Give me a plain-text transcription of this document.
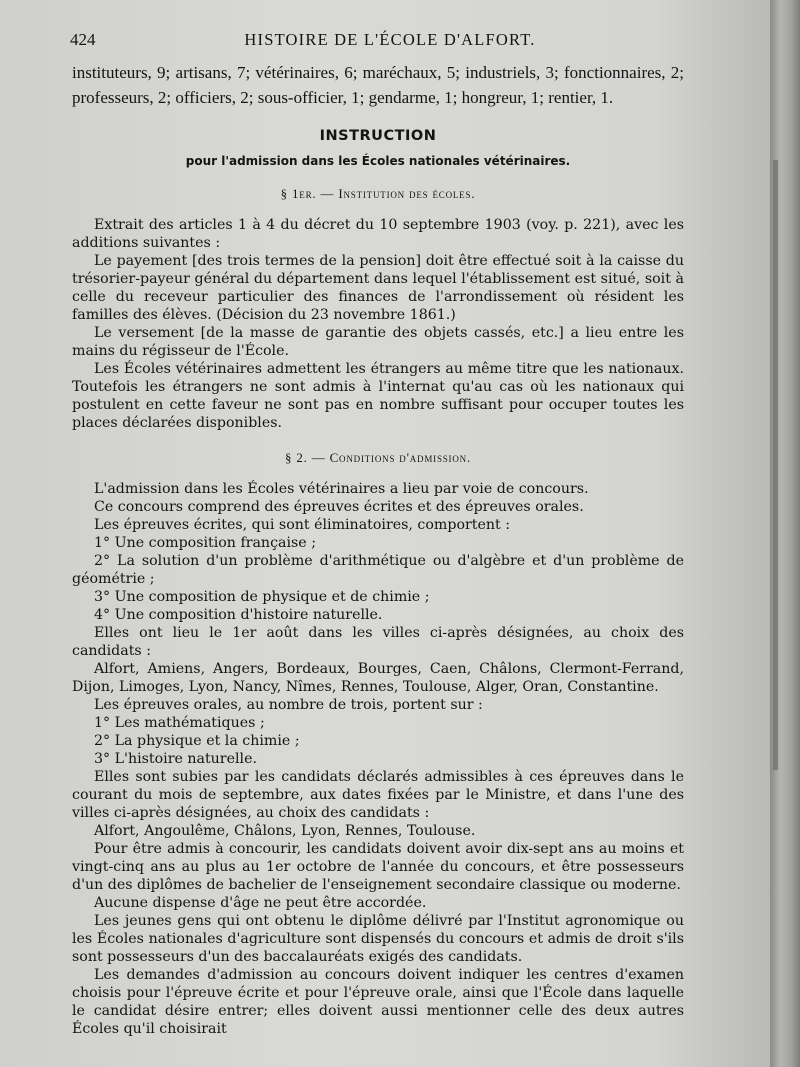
424	HISTOIRE DE L'ÉCOLE D'ALFORT.

instituteurs, 9; artisans, 7; vétérinaires, 6; maréchaux, 5; industriels, 3; fonctionnaires, 2; professeurs, 2; officiers, 2; sous-officier, 1; gendarme, 1; hongreur, 1; rentier, 1.

INSTRUCTION
pour l'admission dans les Écoles nationales vétérinaires.
§ 1er. — Institution des écoles.

Extrait des articles 1 à 4 du décret du 10 septembre 1903 (voy. p. 221), avec les additions suivantes :

Le payement [des trois termes de la pension] doit être effectué soit à la caisse du trésorier-payeur général du département dans lequel l'établissement est situé, soit à celle du receveur particulier des finances de l'arrondissement où résident les familles des élèves. (Décision du 23 novembre 1861.)

Le versement [de la masse de garantie des objets cassés, etc.] a lieu entre les mains du régisseur de l'École.

Les Écoles vétérinaires admettent les étrangers au même titre que les nationaux. Toutefois les étrangers ne sont admis à l'internat qu'au cas où les nationaux qui postulent en cette faveur ne sont pas en nombre suffisant pour occuper toutes les places déclarées disponibles.

§ 2. — Conditions d'admission.

L'admission dans les Écoles vétérinaires a lieu par voie de concours.

Ce concours comprend des épreuves écrites et des épreuves orales.

Les épreuves écrites, qui sont éliminatoires, comportent :

1° Une composition française ;

2° La solution d'un problème d'arithmétique ou d'algèbre et d'un problème de géométrie ;

3° Une composition de physique et de chimie ;

4° Une composition d'histoire naturelle.

Elles ont lieu le 1er août dans les villes ci-après désignées, au choix des candidats :

Alfort, Amiens, Angers, Bordeaux, Bourges, Caen, Châlons, Clermont-Ferrand, Dijon, Limoges, Lyon, Nancy, Nîmes, Rennes, Toulouse, Alger, Oran, Constantine.

Les épreuves orales, au nombre de trois, portent sur :

1° Les mathématiques ;

2° La physique et la chimie ;

3° L'histoire naturelle.

Elles sont subies par les candidats déclarés admissibles à ces épreuves dans le courant du mois de septembre, aux dates fixées par le Ministre, et dans l'une des villes ci-après désignées, au choix des candidats :

Alfort, Angoulême, Châlons, Lyon, Rennes, Toulouse.

Pour être admis à concourir, les candidats doivent avoir dix-sept ans au moins et vingt-cinq ans au plus au 1er octobre de l'année du concours, et être possesseurs d'un des diplômes de bachelier de l'enseignement secondaire classique ou moderne.

Aucune dispense d'âge ne peut être accordée.

Les jeunes gens qui ont obtenu le diplôme délivré par l'Institut agronomique ou les Écoles nationales d'agriculture sont dispensés du concours et admis de droit s'ils sont possesseurs d'un des baccalauréats exigés des candidats.

Les demandes d'admission au concours doivent indiquer les centres d'examen choisis pour l'épreuve écrite et pour l'épreuve orale, ainsi que l'École dans laquelle le candidat désire entrer; elles doivent aussi mentionner celle des deux autres Écoles qu'il choisirait
